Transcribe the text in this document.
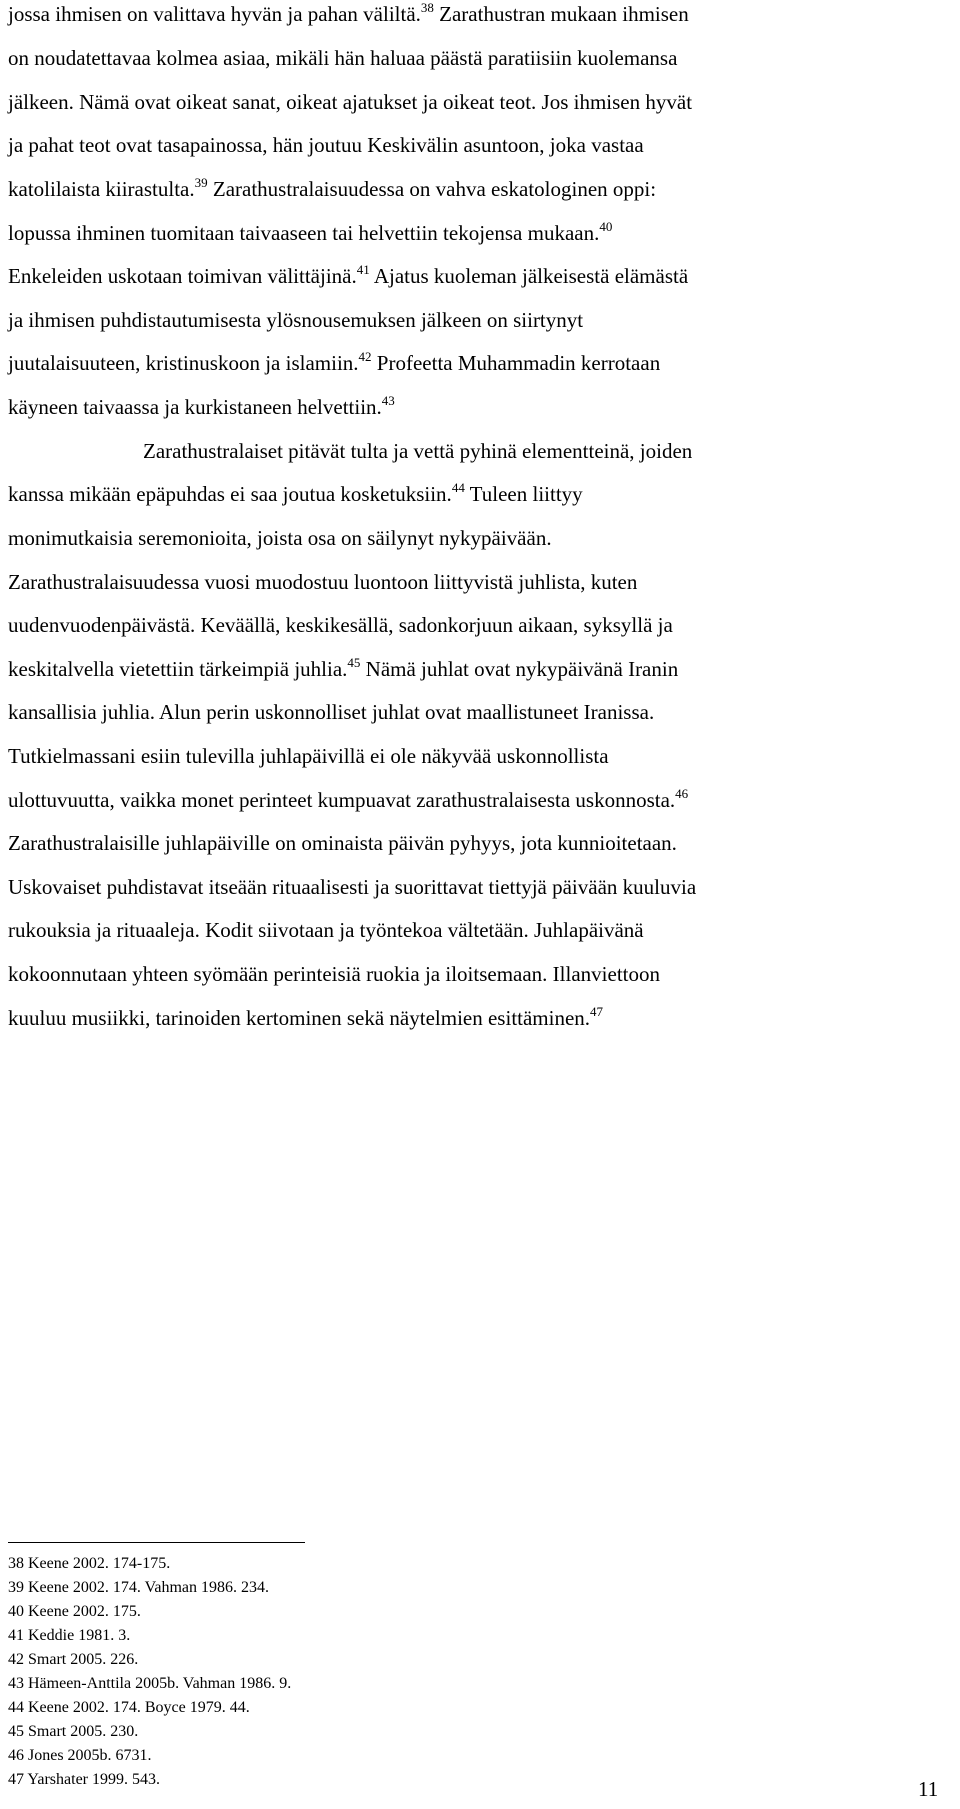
jossa ihmisen on valittava hyvän ja pahan väliltä.$^{38}$ Zarathustran mukaan ihmisen
on noudatettavaa kolmea asiaa, mikäli hän haluaa päästä paratiisiin kuolemansa
jälkeen. Nämä ovat oikeat sanat, oikeat ajatukset ja oikeat teot. Jos ihmisen hyvät
ja pahat teot ovat tasapainossa, hän joutuu Keskivälin asuntoon, joka vastaa
katolilaista kiirastulta.$^{39}$ Zarathustralaisuudessa on vahva eskatologinen oppi:
lopussa ihminen tuomitaan taivaaseen tai helvettiin tekojensa mukaan.$^{40}$
Enkeleiden uskotaan toimivan välittäjinä.$^{41}$ Ajatus kuoleman jälkeisestä elämästä
ja ihmisen puhdistautumisesta ylösnousemuksen jälkeen on siirtynyt
juutalaisuuteen, kristinuskoon ja islamiin.$^{42}$ Profeetta Muhammadin kerrotaan
käyneen taivaassa ja kurkistaneen helvettiin.$^{43}$
Zarathustralaiset pitävät tulta ja vettä pyhinä elementteinä, joiden
kanssa mikään epäpuhdas ei saa joutua kosketuksiin.$^{44}$ Tuleen liittyy
monimutkaisia seremonioita, joista osa on säilynyt nykypäivään.
Zarathustralaisuudessa vuosi muodostuu luontoon liittyvistä juhlista, kuten
uudenvuodenpäivästä. Keväällä, keskikesällä, sadonkorjuun aikaan, syksyllä ja
keskitalvella vietettiin tärkeimpiä juhlia.$^{45}$ Nämä juhlat ovat nykypäivänä Iranin
kansallisia juhlia. Alun perin uskonnolliset juhlat ovat maallistuneet Iranissa.
Tutkielmassani esiin tulevilla juhlapäivillä ei ole näkyvää uskonnollista
ulottuvuutta, vaikka monet perinteet kumpuavat zarathustralaisesta uskonnosta.$^{46}$
Zarathustralaisille juhlapäiville on ominaista päivän pyhyys, jota kunnioitetaan.
Uskovaiset puhdistavat itseään rituaalisesti ja suorittavat tiettyjä päivään kuuluvia
rukouksia ja rituaaleja. Kodit siivotaan ja työntekoa vältetään. Juhlapäivänä
kokoonnutaan yhteen syömään perinteisiä ruokia ja iloitsemaan. Illanviettoon
kuuluu musiikki, tarinoiden kertominen sekä näytelmien esittäminen.$^{47}$
38 Keene 2002. 174-175.
39 Keene 2002. 174. Vahman 1986. 234.
40 Keene 2002. 175.
41 Keddie 1981. 3.
42 Smart 2005. 226.
43 Hämeen-Anttila 2005b. Vahman 1986. 9.
44 Keene 2002. 174. Boyce 1979. 44.
45 Smart 2005. 230.
46 Jones 2005b. 6731.
47 Yarshater 1999. 543.	11
